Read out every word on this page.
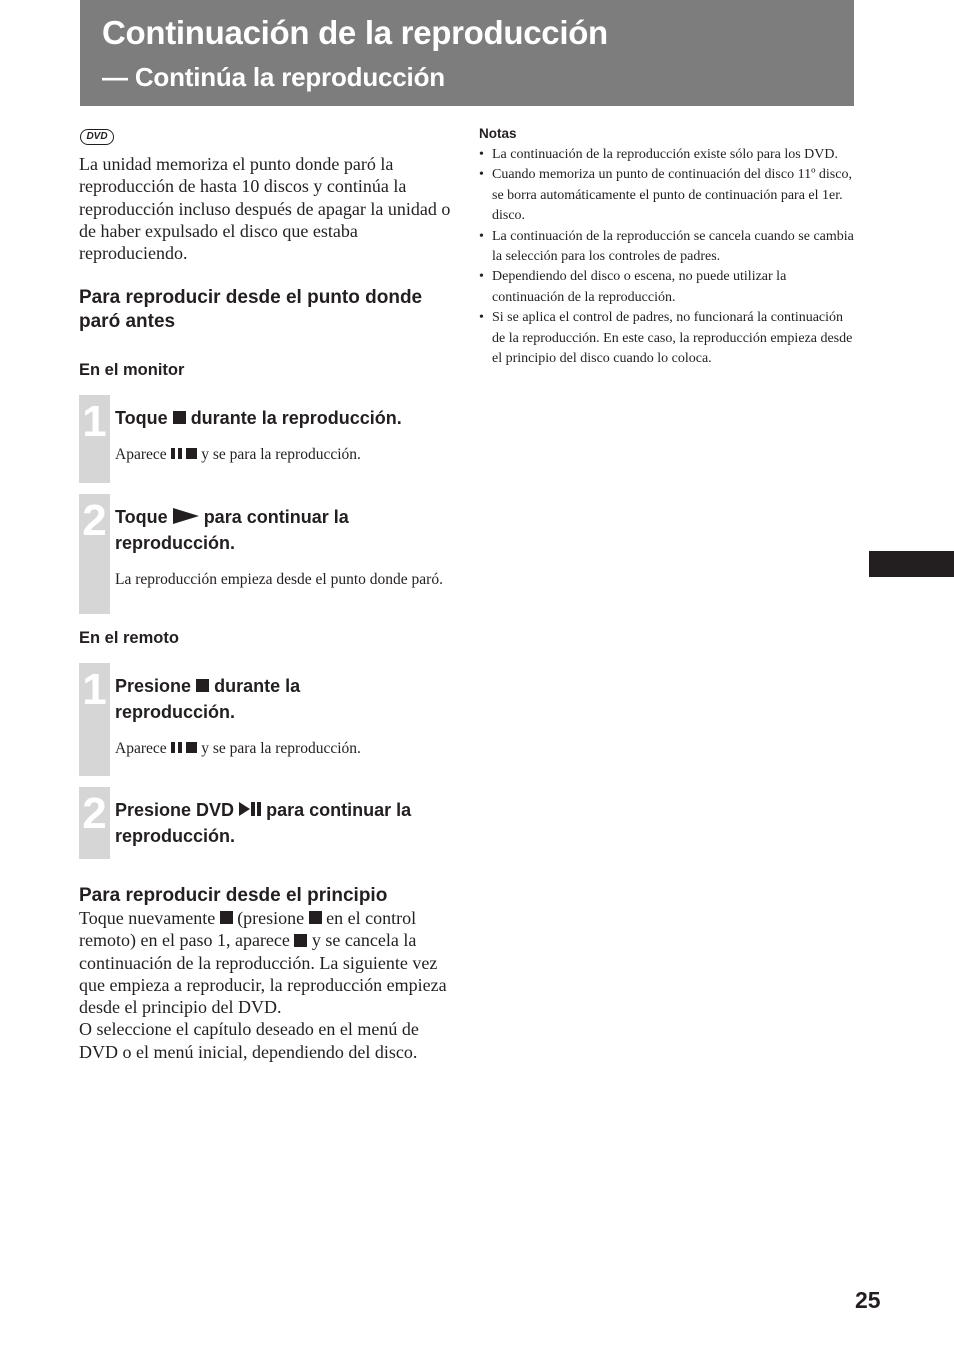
Continuación de la reproducción
— Continúa la reproducción
DVD

La unidad memoriza el punto donde paró la reproducción de hasta 10 discos y continúa la reproducción incluso después de apagar la unidad o de haber expulsado el disco que estaba reproduciendo.

Para reproducir desde el punto donde paró antes

En el monitor

1 Toque durante la reproducción.

Aparece y se para la reproducción.

2 Toque para continuar la reproducción.

La reproducción empieza desde el punto donde paró.

En el remoto

1 Presione durante la reproducción.

Aparece y se para la reproducción.

2 Presione DVD para continuar la reproducción.

Para reproducir desde el principio

Toque nuevamente (presione en el control remoto) en el paso 1, aparece y se cancela la continuación de la reproducción. La siguiente vez que empieza a reproducir, la reproducción empieza desde el principio del DVD.
O seleccione el capítulo deseado en el menú de DVD o el menú inicial, dependiendo del disco.
Notas
• La continuación de la reproducción existe sólo para los DVD.
• Cuando memoriza un punto de continuación del disco 11º disco, se borra automáticamente el punto de continuación para el 1er. disco.
• La continuación de la reproducción se cancela cuando se cambia la selección para los controles de padres.
• Dependiendo del disco o escena, no puede utilizar la continuación de la reproducción.
• Si se aplica el control de padres, no funcionará la continuación de la reproducción. En este caso, la reproducción empieza desde el principio del disco cuando lo coloca.
25
